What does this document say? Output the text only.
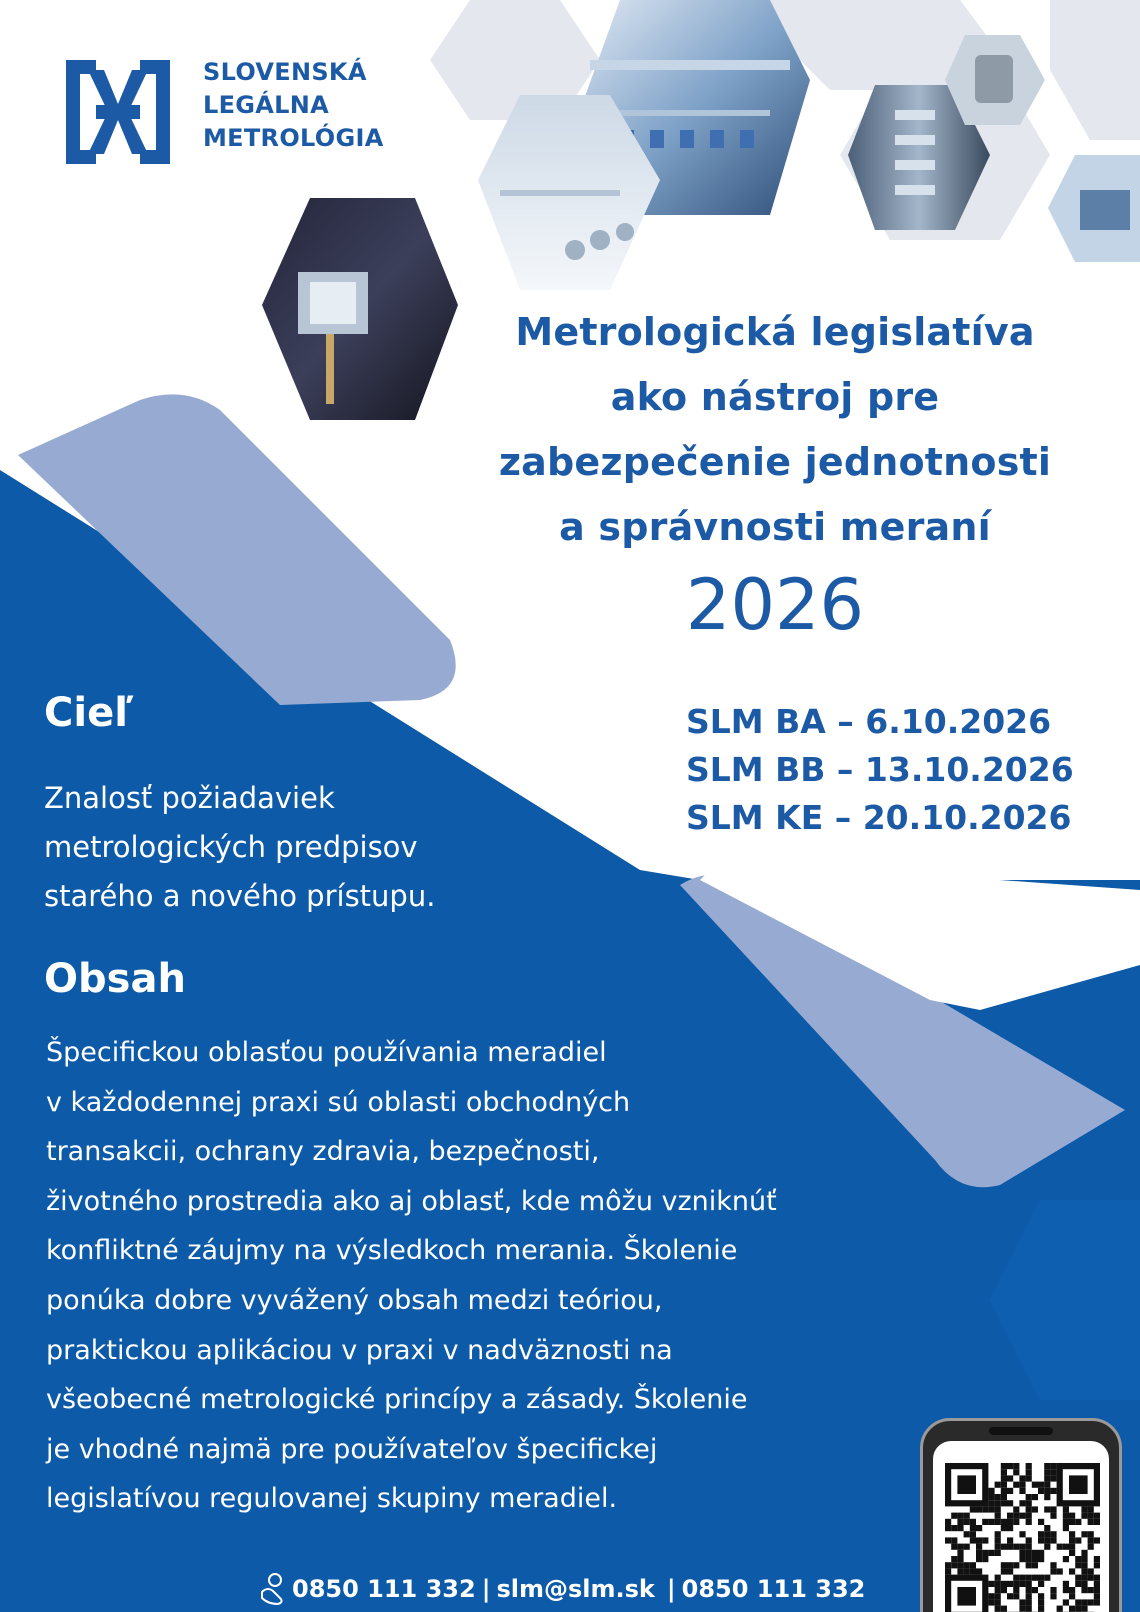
SLOVENSKÁ
LEGÁLNA
METROLÓGIA
Metrologická legislatíva
ako nástroj pre
zabezpečenie jednotnosti
a správnosti meraní
2026
SLM BA – 6.10.2026
SLM BB – 13.10.2026
SLM KE – 20.10.2026
Cieľ
Znalosť požiadaviek
metrologických predpisov
starého a nového prístupu.
Obsah
Špecifickou oblasťou používania meradiel
v každodennej praxi sú oblasti obchodných
transakcii, ochrany zdravia, bezpečnosti,
životného prostredia ako aj oblasť, kde môžu vzniknúť
konfliktné záujmy na výsledkoch merania. Školenie
ponúka dobre vyvážený obsah medzi teóriou,
praktickou aplikáciou v praxi v nadväznosti na
všeobecné metrologické princípy a zásady. Školenie
je vhodné najmä pre používateľov špecifickej
legislatívou regulovanej skupiny meradiel.
0850 111 332 | slm@slm.sk | 0850 111 332
